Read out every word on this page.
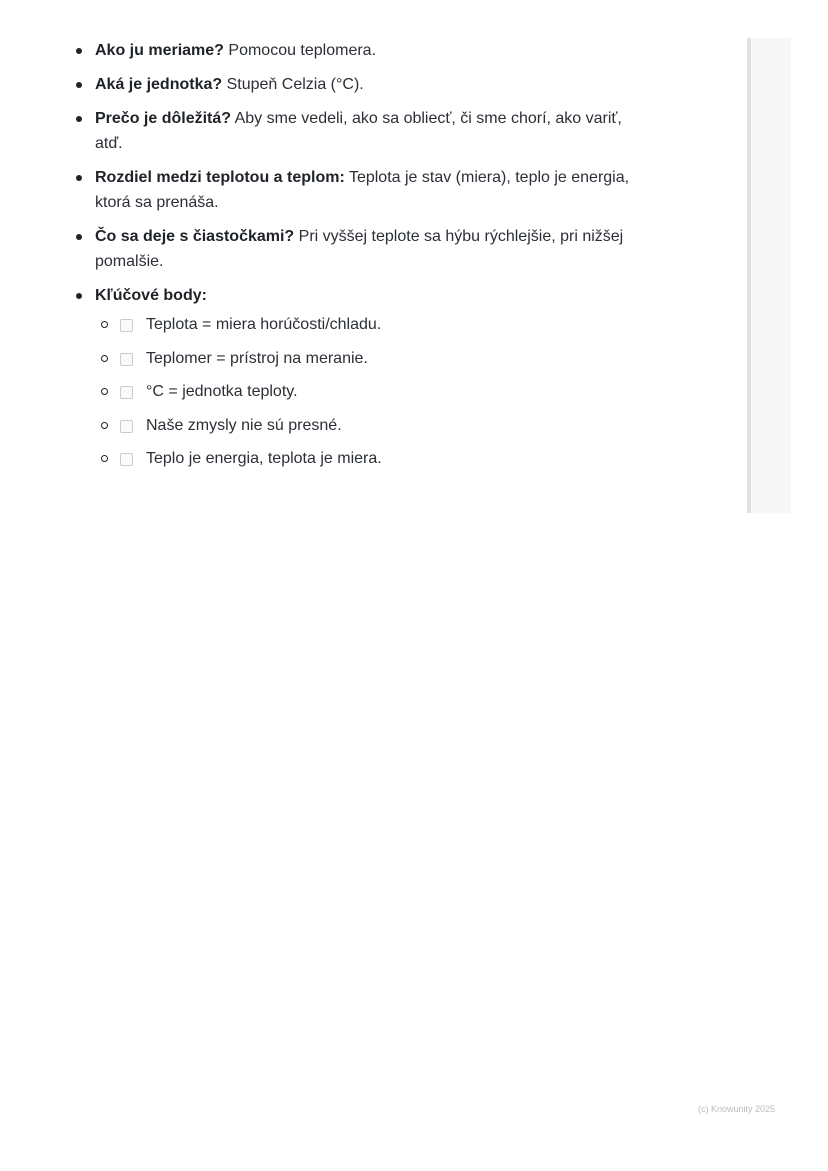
Ako ju meriame? Pomocou teplomera.
Aká je jednotka? Stupeň Celzia (°C).
Prečo je dôležitá? Aby sme vedeli, ako sa obliecť, či sme chorí, ako variť, atď.
Rozdiel medzi teplotou a teplom: Teplota je stav (miera), teplo je energia, ktorá sa prenáša.
Čo sa deje s čiastočkami? Pri vyššej teplote sa hýbu rýchlejšie, pri nižšej pomalšie.
Kľúčové body:
Teplota = miera horúčosti/chladu.
Teplomer = prístroj na meranie.
°C = jednotka teploty.
Naše zmysly nie sú presné.
Teplo je energia, teplota je miera.
(c) Knowunity 2025
